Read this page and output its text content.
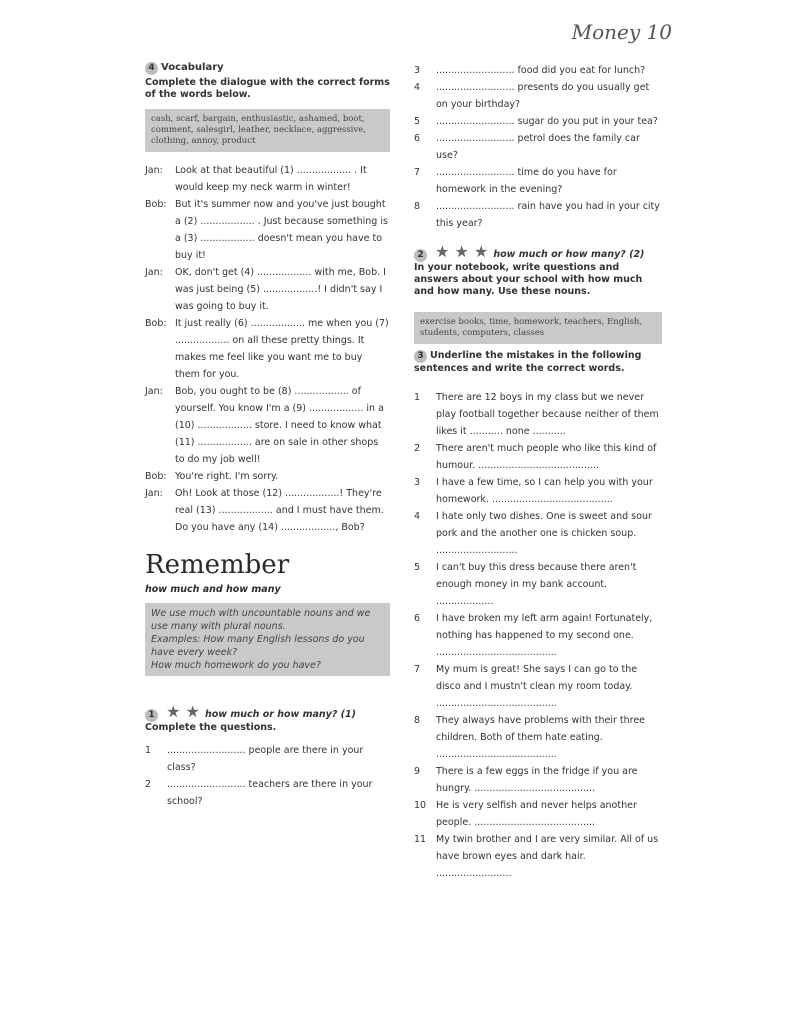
Money 10
4 Vocabulary
Complete the dialogue with the correct forms of the words below.
cash, scarf, bargain, enthusiastic, ashamed, boot, comment, salesgirl, leather, necklace, aggressive, clothing, annoy, product
Jan:	Look at that beautiful (1) .................. . It would keep my neck warm in winter!
Bob: But it's summer now and you've just bought a (2) .................. . Just because something is a (3) .................. doesn't mean you have to buy it!
Jan:	OK, don't get (4) .................. with me, Bob. I was just being (5) ..................! I didn't say I was going to buy it.
Bob: It just really (6) .................. me when you (7) .................. on all these pretty things. It makes me feel like you want me to buy them for you.
Jan:	Bob, you ought to be (8) .................. of yourself. You know I'm a (9) .................. in a (10) .................. store. I need to know what (11) .................. are on sale in other shops to do my job well!
Bob: You're right. I'm sorry.
Jan:	Oh! Look at those (12) ..................! They're real (13) .................. and I must have them. Do you have any (14) .................., Bob?
Remember
how much and how many
We use much with uncountable nouns and we use many with plural nouns.
Examples: How many English lessons do you have every week?
How much homework do you have?
1 ★ ★ how much or how many? (1)
Complete the questions.
1	.......................... people are there in your class?
2	.......................... teachers are there in your school?
3	.......................... food did you eat for lunch?
4	.......................... presents do you usually get on your birthday?
5	.......................... sugar do you put in your tea?
6	.......................... petrol does the family car use?
7	.......................... time do you have for homework in the evening?
8	.......................... rain have you had in your city this year?
2 ★ ★ ★ how much or how many? (2)
In your notebook, write questions and answers about your school with how much and how many. Use these nouns.
exercise books, time, homework, teachers, English, students, computers, classes
3 Underline the mistakes in the following sentences and write the correct words.
1	There are 12 boys in my class but we never play football together because neither of them likes it ........... none ...........
2	There aren't much people who like this kind of humour. ........................................
3	I have a few time, so I can help you with your homework. ........................................
4	I hate only two dishes. One is sweet and sour pork and the another one is chicken soup. ...........................
5	I can't buy this dress because there aren't enough money in my bank account. ...................
6	I have broken my left arm again! Fortunately, nothing has happened to my second one. ........................................
7	My mum is great! She says I can go to the disco and I mustn't clean my room today. ........................................
8	They always have problems with their three children. Both of them hate eating. ........................................
9	There is a few eggs in the fridge if you are hungry. ........................................
10	He is very selfish and never helps another people. ........................................
11	My twin brother and I are very similar. All of us have brown eyes and dark hair. .........................
